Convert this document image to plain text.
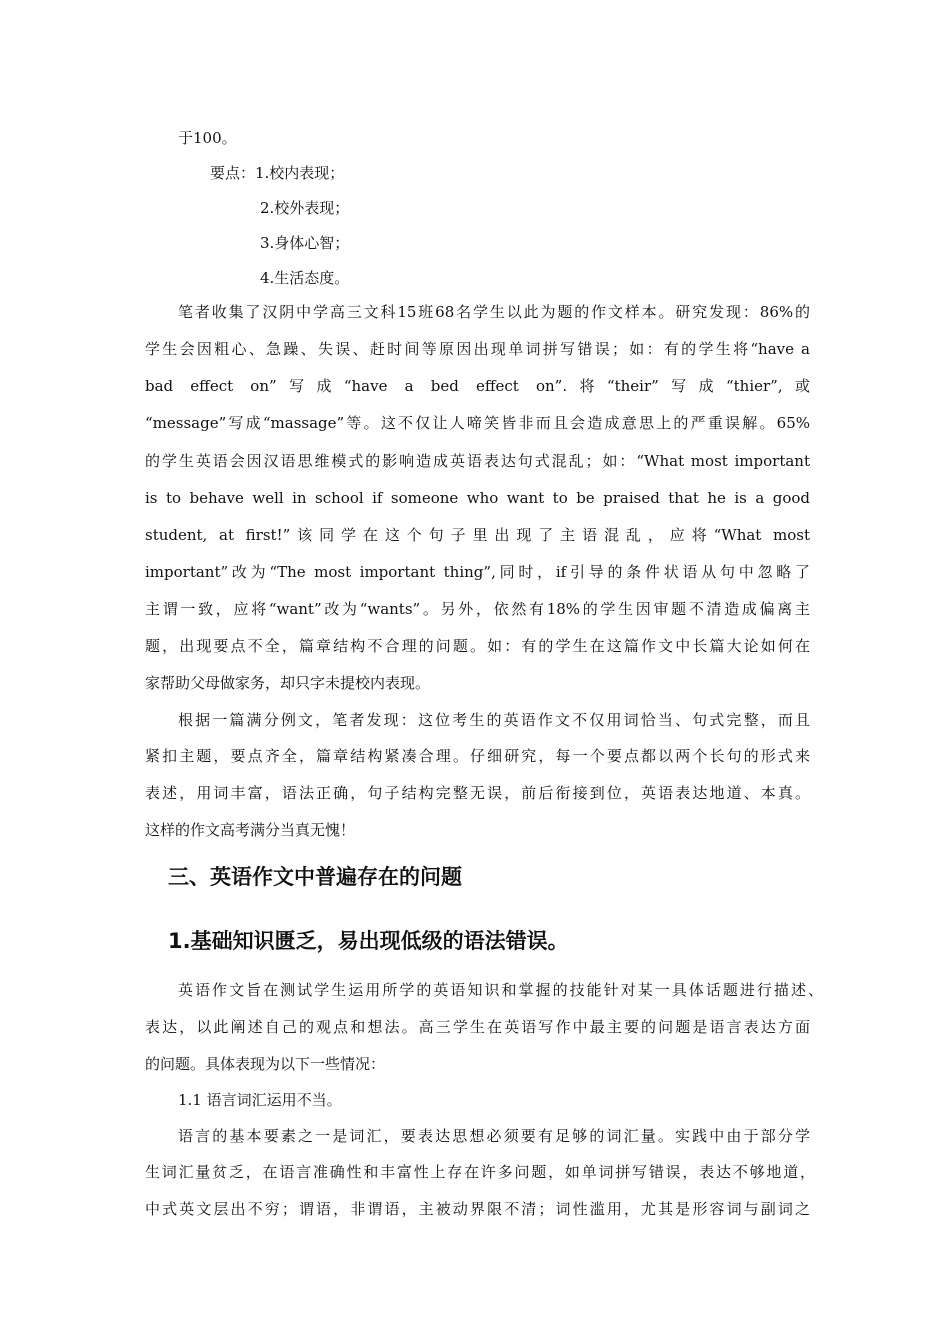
于100。
要点：1.校内表现；
2.校外表现；
3.身体心智；
4.生活态度。
笔者收集了汉阴中学高三文科15班68名学生以此为题的作文样本。研究发现：86%的
学生会因粗心、急躁、失误、赶时间等原因出现单词拼写错误；如：有的学生将“have a
bad effect on”写成“have a bed effect on”.将“their”写成“thier”,或
“message”写成“massage”等。这不仅让人啼笑皆非而且会造成意思上的严重误解。65%
的学生英语会因汉语思维模式的影响造成英语表达句式混乱；如：“What most important
is to behave well in school if someone who want to be praised that he is a good
student, at first!”该同学在这个句子里出现了主语混乱，应将“What most
important”改为“The most important thing”,同时，if引导的条件状语从句中忽略了
主谓一致，应将“want”改为“wants”。另外，依然有18%的学生因审题不清造成偏离主
题，出现要点不全，篇章结构不合理的问题。如：有的学生在这篇作文中长篇大论如何在
家帮助父母做家务，却只字未提校内表现。
根据一篇满分例文，笔者发现：这位考生的英语作文不仅用词恰当、句式完整，而且
紧扣主题，要点齐全，篇章结构紧凑合理。仔细研究，每一个要点都以两个长句的形式来
表述，用词丰富，语法正确，句子结构完整无误，前后衔接到位，英语表达地道、本真。
这样的作文高考满分当真无愧！
英语作文旨在测试学生运用所学的英语知识和掌握的技能针对某一具体话题进行描述、
表达，以此阐述自己的观点和想法。高三学生在英语写作中最主要的问题是语言表达方面
的问题。具体表现为以下一些情况：
1.1 语言词汇运用不当。
语言的基本要素之一是词汇，要表达思想必须要有足够的词汇量。实践中由于部分学
生词汇量贫乏，在语言准确性和丰富性上存在许多问题，如单词拼写错误，表达不够地道，
中式英文层出不穷；谓语，非谓语，主被动界限不清；词性滥用，尤其是形容词与副词之
三、英语作文中普遍存在的问题
1.基础知识匮乏，易出现低级的语法错误。
